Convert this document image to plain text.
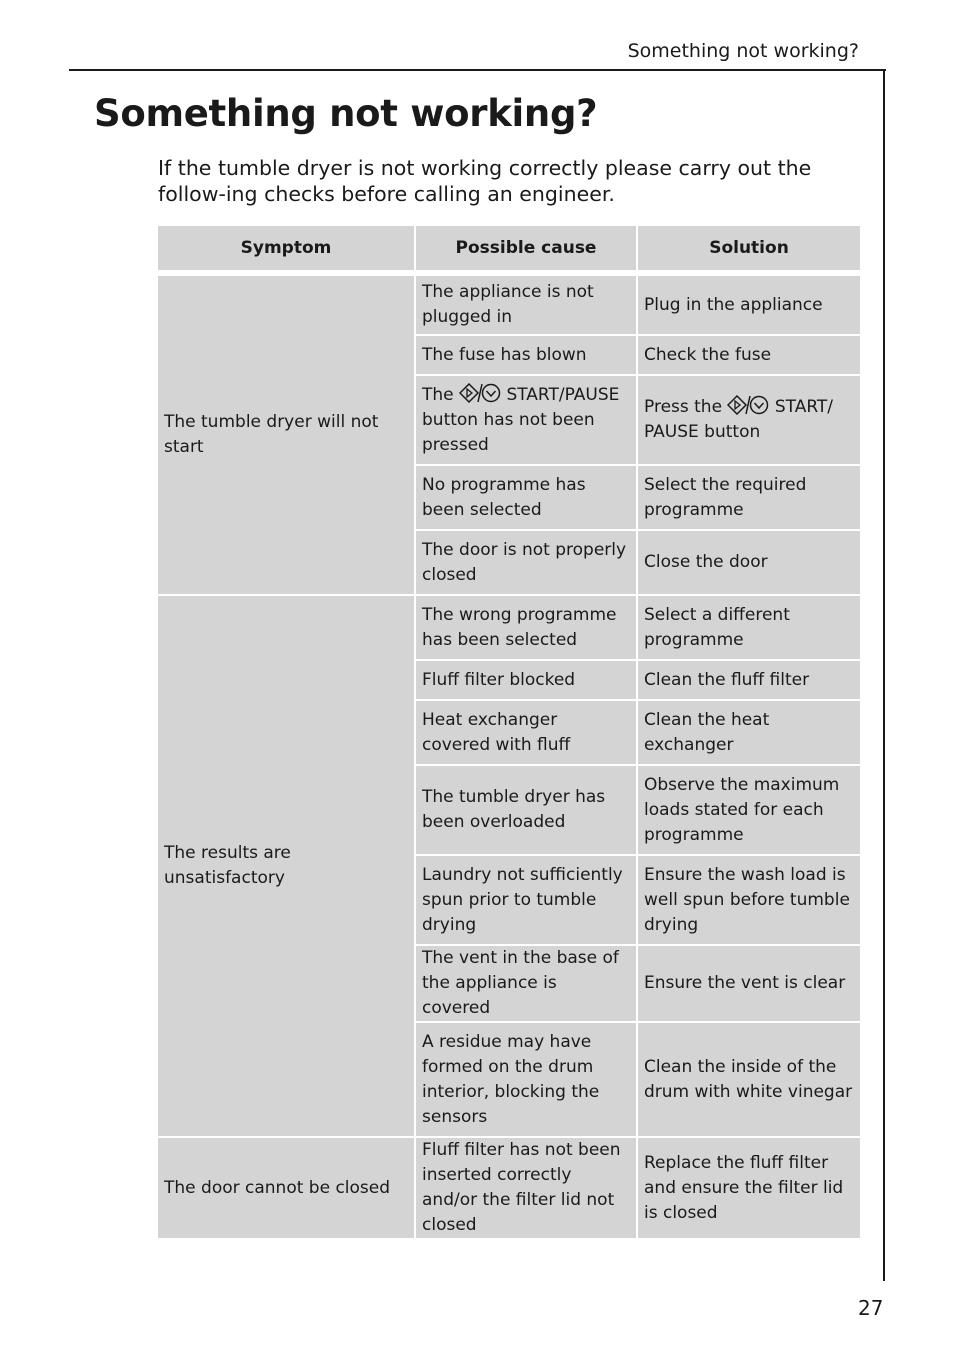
Something not working?
Something not working?

If the tumble dryer is not working correctly please carry out the follow-ing checks before calling an engineer.

Symptom	Possible cause	Solution
The tumble dryer will not start	The appliance is not plugged in	Plug in the appliance
	The fuse has blown	Check the fuse
	The START/PAUSE button has not been pressed	Press the START/ PAUSE button
	No programme has been selected	Select the required programme
	The door is not properly closed	Close the door
The results are unsatisfactory	The wrong programme has been selected	Select a different programme
	Fluff filter blocked	Clean the fluff filter
	Heat exchanger covered with fluff	Clean the heat exchanger
	The tumble dryer has been overloaded	Observe the maximum loads stated for each programme
	Laundry not sufficiently spun prior to tumble drying	Ensure the wash load is well spun before tumble drying
	The vent in the base of the appliance is covered	Ensure the vent is clear
	A residue may have formed on the drum interior, blocking the sensors	Clean the inside of the drum with white vinegar
The door cannot be closed	Fluff filter has not been inserted correctly and/or the filter lid not closed	Replace the fluff filter and ensure the filter lid is closed
27
